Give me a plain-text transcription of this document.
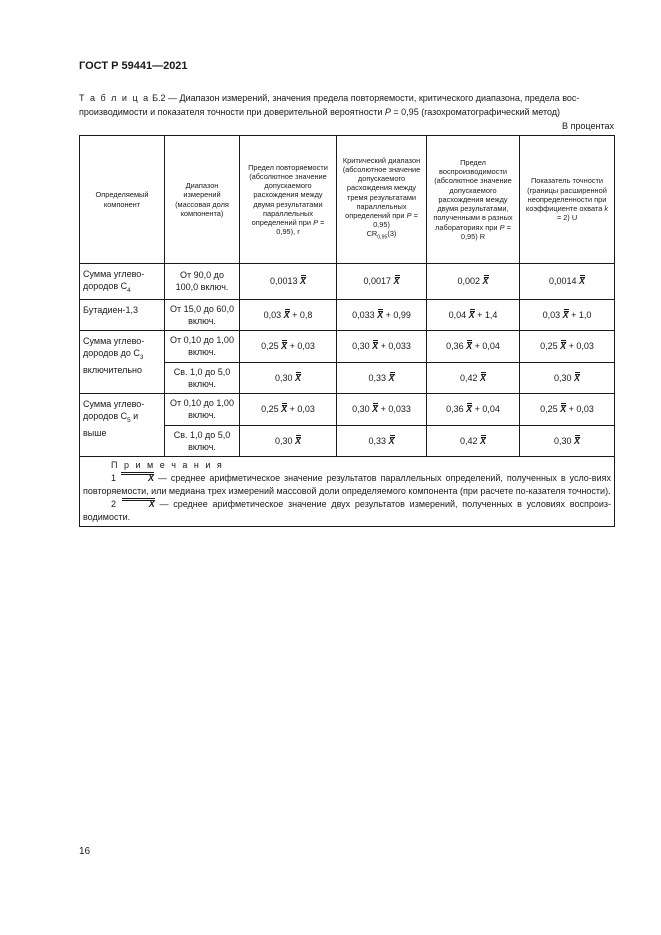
ГОСТ Р 59441—2021
Т а б л и ц а Б.2 — Диапазон измерений, значения предела повторяемости, критического диапазона, предела вос-
производимости и показателя точности при доверительной вероятности P = 0,95 (газохроматографический метод)
В процентах
Определяемый компонент	Диапазон измерений (массовая доля компонента)	Предел повторяемости (абсолютное значение допускаемого расхождения между двумя результатами параллельных определений при P = 0,95), r	Критический диапазон (абсолютное значение допускаемого расхождения между тремя результатами параллельных определений при P = 0,95)
$CR_{0,95}(3)$	Предел воспроизводимости (абсолютное значение допускаемого расхождения между двумя результатами, полученными в разных лабораториях при P = 0,95) R	Показатель точности (границы расширенной неопределенности при коэффициенте охвата k = 2) U
Сумма углево-дородов $C_4$	От 90,0 до 100,0 включ.	0,0013 X	0,0017 X	0,002 X	0,0014 X
Бутадиен-1,3	От 15,0 до 60,0 включ.	0,03 X + 0,8	0,033 X + 0,99	0,04 X + 1,4	0,03 X + 1,0
Сумма углево-дородов до $C_3$ включительно	От 0,10 до 1,00 включ.	0,25 X + 0,03	0,30 X + 0,033	0,36 X + 0,04	0,25 X + 0,03
	Св. 1,0 до 5,0 включ.	0,30 X	0,33 X	0,42 X	0,30 X
Сумма углево-дородов $C_5$ и выше	От 0,10 до 1,00 включ.	0,25 X + 0,03	0,30 X + 0,033	0,36 X + 0,04	0,25 X + 0,03
	Св. 1,0 до 5,0 включ.	0,30 X	0,33 X	0,42 X	0,30 X

П р и м е ч а н и я

1 X — среднее арифметическое значение результатов параллельных определений, полученных в усло-виях повторяемости, или медиана трех измерений массовой доли определяемого компонента (при расчете по-казателя точности).

2 X — среднее арифметическое значение двух результатов измерений, полученных в условиях воспроиз-водимости.					

16
